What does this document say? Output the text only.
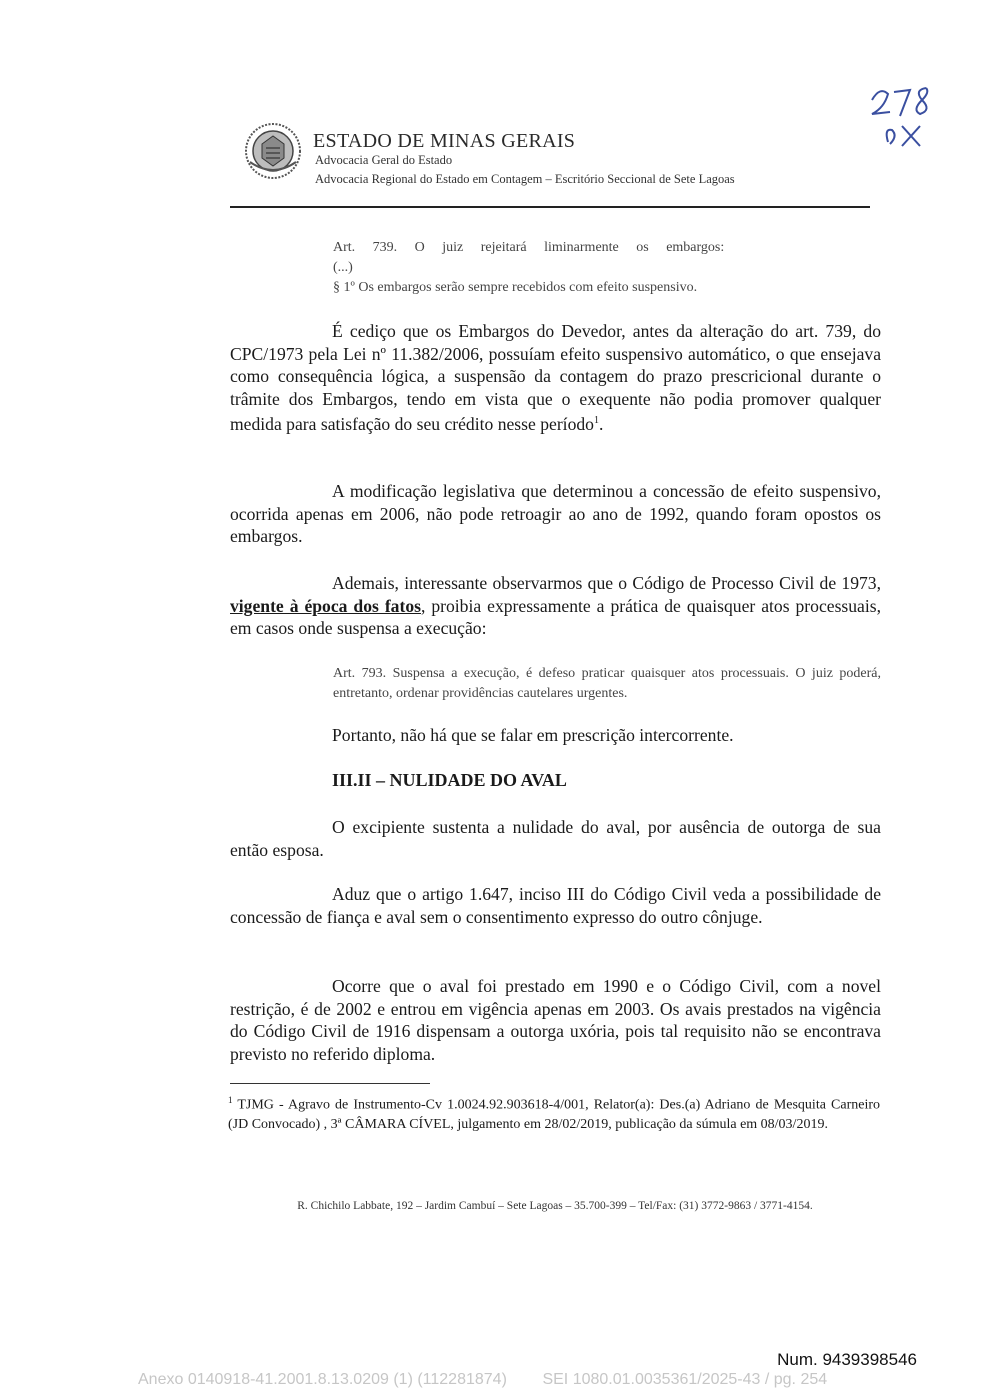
ESTADO DE MINAS GERAIS
Advocacia Geral do Estado
Advocacia Regional do Estado em Contagem – Escritório Seccional de Sete Lagoas
Art.     739.     O     juiz     rejeitará     liminarmente     os     embargos:
(...)
§ 1º Os embargos serão sempre recebidos com efeito suspensivo.
É cediço que os Embargos do Devedor, antes da alteração do art. 739, do CPC/1973 pela Lei nº 11.382/2006, possuíam efeito suspensivo automático, o que ensejava como consequência lógica, a suspensão da contagem do prazo prescricional durante o trâmite dos Embargos, tendo em vista que o exequente não podia promover qualquer medida para satisfação do seu crédito nesse período$^1$.
A modificação legislativa que determinou a concessão de efeito suspensivo, ocorrida apenas em 2006, não pode retroagir ao ano de 1992, quando foram opostos os embargos.
Ademais, interessante observarmos que o Código de Processo Civil de 1973, vigente à época dos fatos, proibia expressamente a prática de quaisquer atos processuais, em casos onde suspensa a execução:
Art. 793. Suspensa a execução, é defeso praticar quaisquer atos processuais. O juiz poderá, entretanto, ordenar providências cautelares urgentes.
Portanto, não há que se falar em prescrição intercorrente.
III.II – NULIDADE DO AVAL
O excipiente sustenta a nulidade do aval, por ausência de outorga de sua então esposa.
Aduz que o artigo 1.647, inciso III do Código Civil veda a possibilidade de concessão de fiança e aval sem o consentimento expresso do outro cônjuge.
Ocorre que o aval foi prestado em 1990 e o Código Civil, com a novel restrição, é de 2002 e entrou em vigência apenas em 2003. Os avais prestados na vigência do Código Civil de 1916 dispensam a outorga uxória, pois tal requisito não se encontrava previsto no referido diploma.
$^1$ TJMG - Agravo de Instrumento-Cv 1.0024.92.903618-4/001, Relator(a): Des.(a) Adriano de Mesquita Carneiro (JD Convocado) , 3ª CÂMARA CÍVEL, julgamento em 28/02/2019, publicação da súmula em 08/03/2019.
R. Chichilo Labbate, 192 – Jardim Cambuí – Sete Lagoas – 35.700-399 – Tel/Fax: (31) 3772-9863 / 3771-4154.
Num. 9439398546
Anexo 0140918-41.2001.8.13.0209 (1) (112281874)        SEI 1080.01.0035361/2025-43 / pg. 254
